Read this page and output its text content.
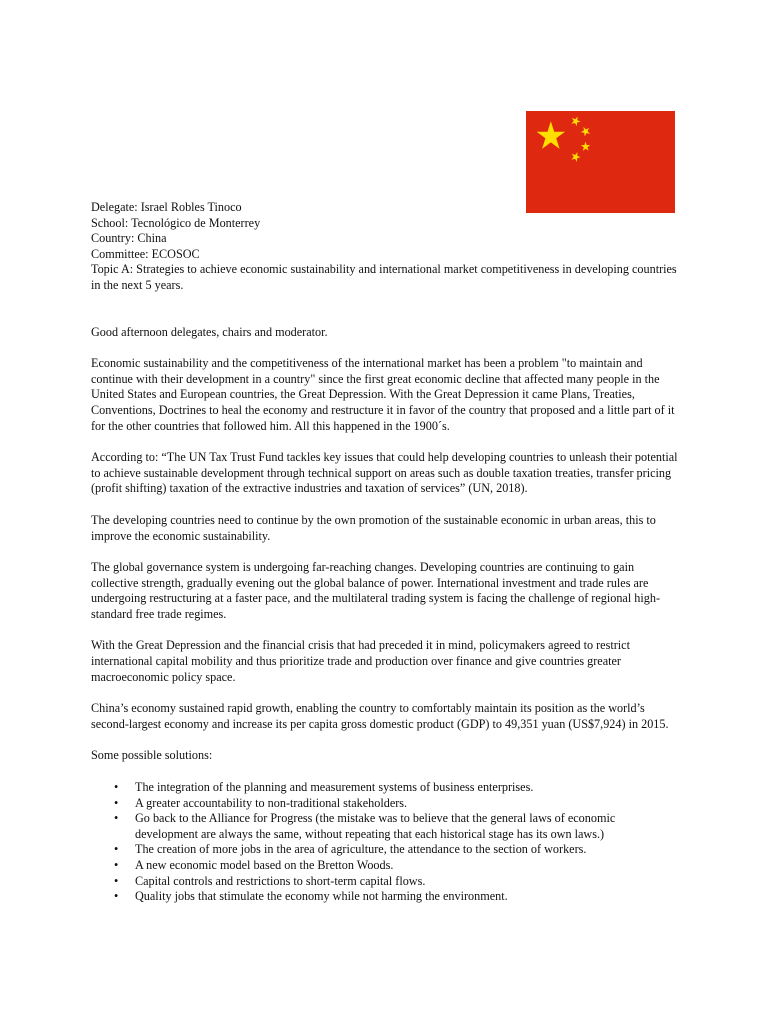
Delegate: Israel Robles Tinoco

School: Tecnológico de Monterrey

Country: China

Committee: ECOSOC

Topic A: Strategies to achieve economic sustainability and international market competitiveness in developing countries in the next 5 years.

Good afternoon delegates, chairs and moderator.

Economic sustainability and the competitiveness of the international market has been a problem "to maintain and continue with their development in a country" since the first great economic decline that affected many people in the United States and European countries, the Great Depression. With the Great Depression it came Plans, Treaties, Conventions, Doctrines to heal the economy and restructure it in favor of the country that proposed and a little part of it for the other countries that followed him. All this happened in the 1900´s.

According to: “The UN Tax Trust Fund tackles key issues that could help developing countries to unleash their potential to achieve sustainable development through technical support on areas such as double taxation treaties, transfer pricing (profit shifting) taxation of the extractive industries and taxation of services” (UN, 2018).

The developing countries need to continue by the own promotion of the sustainable economic in urban areas, this to improve the economic sustainability.

The global governance system is undergoing far-reaching changes. Developing countries are continuing to gain collective strength, gradually evening out the global balance of power. International investment and trade rules are undergoing restructuring at a faster pace, and the multilateral trading system is facing the challenge of regional high-standard free trade regimes.

With the Great Depression and the financial crisis that had preceded it in mind, policymakers agreed to restrict international capital mobility and thus prioritize trade and production over finance and give countries greater macroeconomic policy space.

China’s economy sustained rapid growth, enabling the country to comfortably maintain its position as the world’s second-largest economy and increase its per capita gross domestic product (GDP) to 49,351 yuan (US$7,924) in 2015.

Some possible solutions:

• The integration of the planning and measurement systems of business enterprises.
• A greater accountability to non-traditional stakeholders.
• Go back to the Alliance for Progress (the mistake was to believe that the general laws of economic development are always the same, without repeating that each historical stage has its own laws.)
• The creation of more jobs in the area of agriculture, the attendance to the section of workers.
• A new economic model based on the Bretton Woods.
• Capital controls and restrictions to short-term capital flows.
• Quality jobs that stimulate the economy while not harming the environment.
